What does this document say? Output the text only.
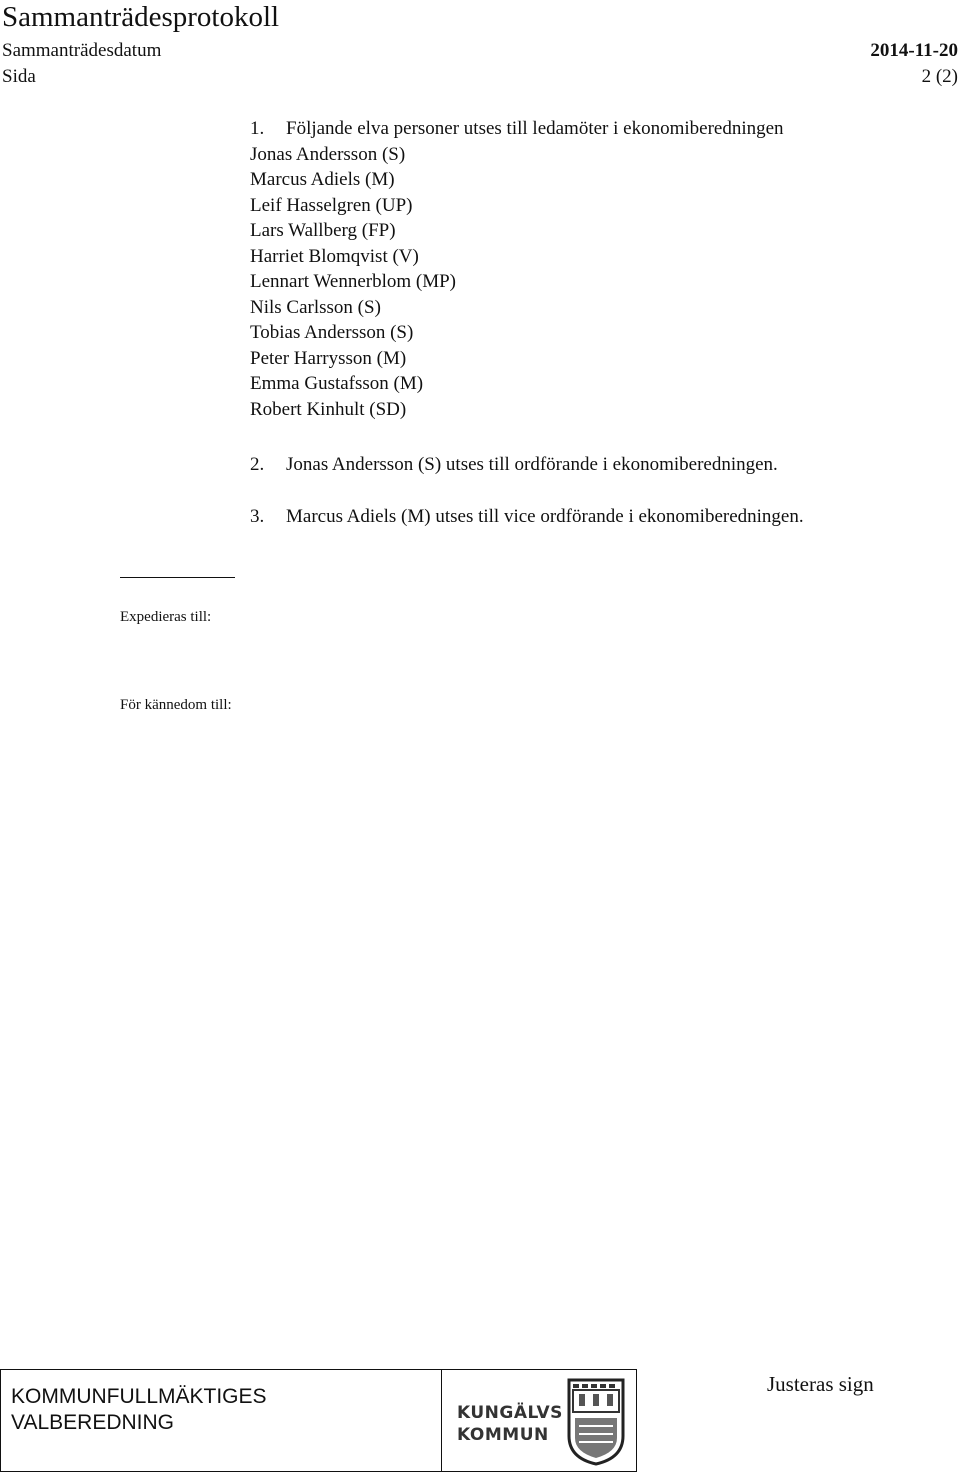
Sammanträdesprotokoll
Sammanträdesdatum	2014-11-20
Sida	2 (2)
1. Följande elva personer utses till ledamöter i ekonomiberedningen
Jonas Andersson (S)
Marcus Adiels (M)
Leif Hasselgren (UP)
Lars Wallberg (FP)
Harriet Blomqvist (V)
Lennart Wennerblom (MP)
Nils Carlsson (S)
Tobias Andersson (S)
Peter Harrysson (M)
Emma Gustafsson (M)
Robert Kinhult (SD)
2. Jonas Andersson (S) utses till ordförande i ekonomiberedningen.
3. Marcus Adiels (M) utses till vice ordförande i ekonomiberedningen.
Expedieras till:
För kännedom till:
KOMMUNFULLMÄKTIGES
VALBEREDNING	KUNGÄLVS
KOMMUN
Justeras sign
